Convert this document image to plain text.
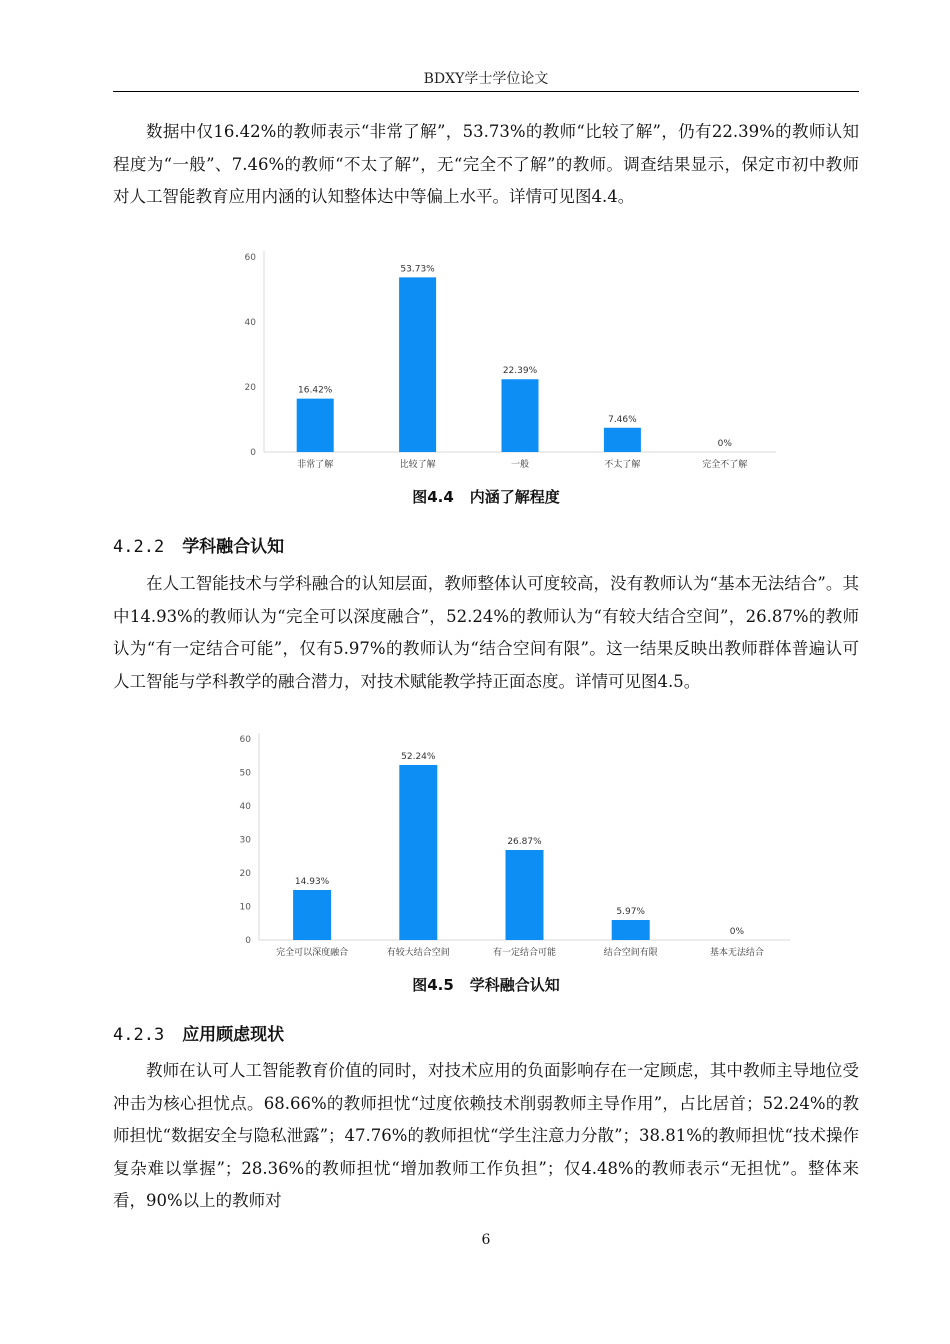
BDXY学士学位论文

数据中仅16.42%的教师表示“非常了解”，53.73%的教师“比较了解”，仍有22.39%的教师认知程度为“一般”、7.46%的教师“不太了解”，无“完全不了解”的教师。调查结果显示，保定市初中教师对人工智能教育应用内涵的认知整体达中等偏上水平。详情可见图4.4。

0
20
40
60
16.42%
非常了解
53.73%
比较了解
22.39%
一般
7.46%
不太了解
0%
完全不了解
图4.4 内涵了解程度
4.2.2 学科融合认知

在人工智能技术与学科融合的认知层面，教师整体认可度较高，没有教师认为“基本无法结合”。其中14.93%的教师认为“完全可以深度融合”，52.24%的教师认为“有较大结合空间”，26.87%的教师认为“有一定结合可能”，仅有5.97%的教师认为“结合空间有限”。这一结果反映出教师群体普遍认可人工智能与学科教学的融合潜力，对技术赋能教学持正面态度。详情可见图4.5。

0
10
20
30
40
50
60
14.93%
完全可以深度融合
52.24%
有较大结合空间
26.87%
有一定结合可能
5.97%
结合空间有限
0%
基本无法结合
图4.5 学科融合认知
4.2.3 应用顾虑现状

教师在认可人工智能教育价值的同时，对技术应用的负面影响存在一定顾虑，其中教师主导地位受冲击为核心担忧点。68.66%的教师担忧“过度依赖技术削弱教师主导作用”，占比居首；52.24%的教师担忧“数据安全与隐私泄露”；47.76%的教师担忧“学生注意力分散”；38.81%的教师担忧“技术操作复杂难以掌握”；28.36%的教师担忧“增加教师工作负担”；仅4.48%的教师表示“无担忧”。整体来看，90%以上的教师对

6
